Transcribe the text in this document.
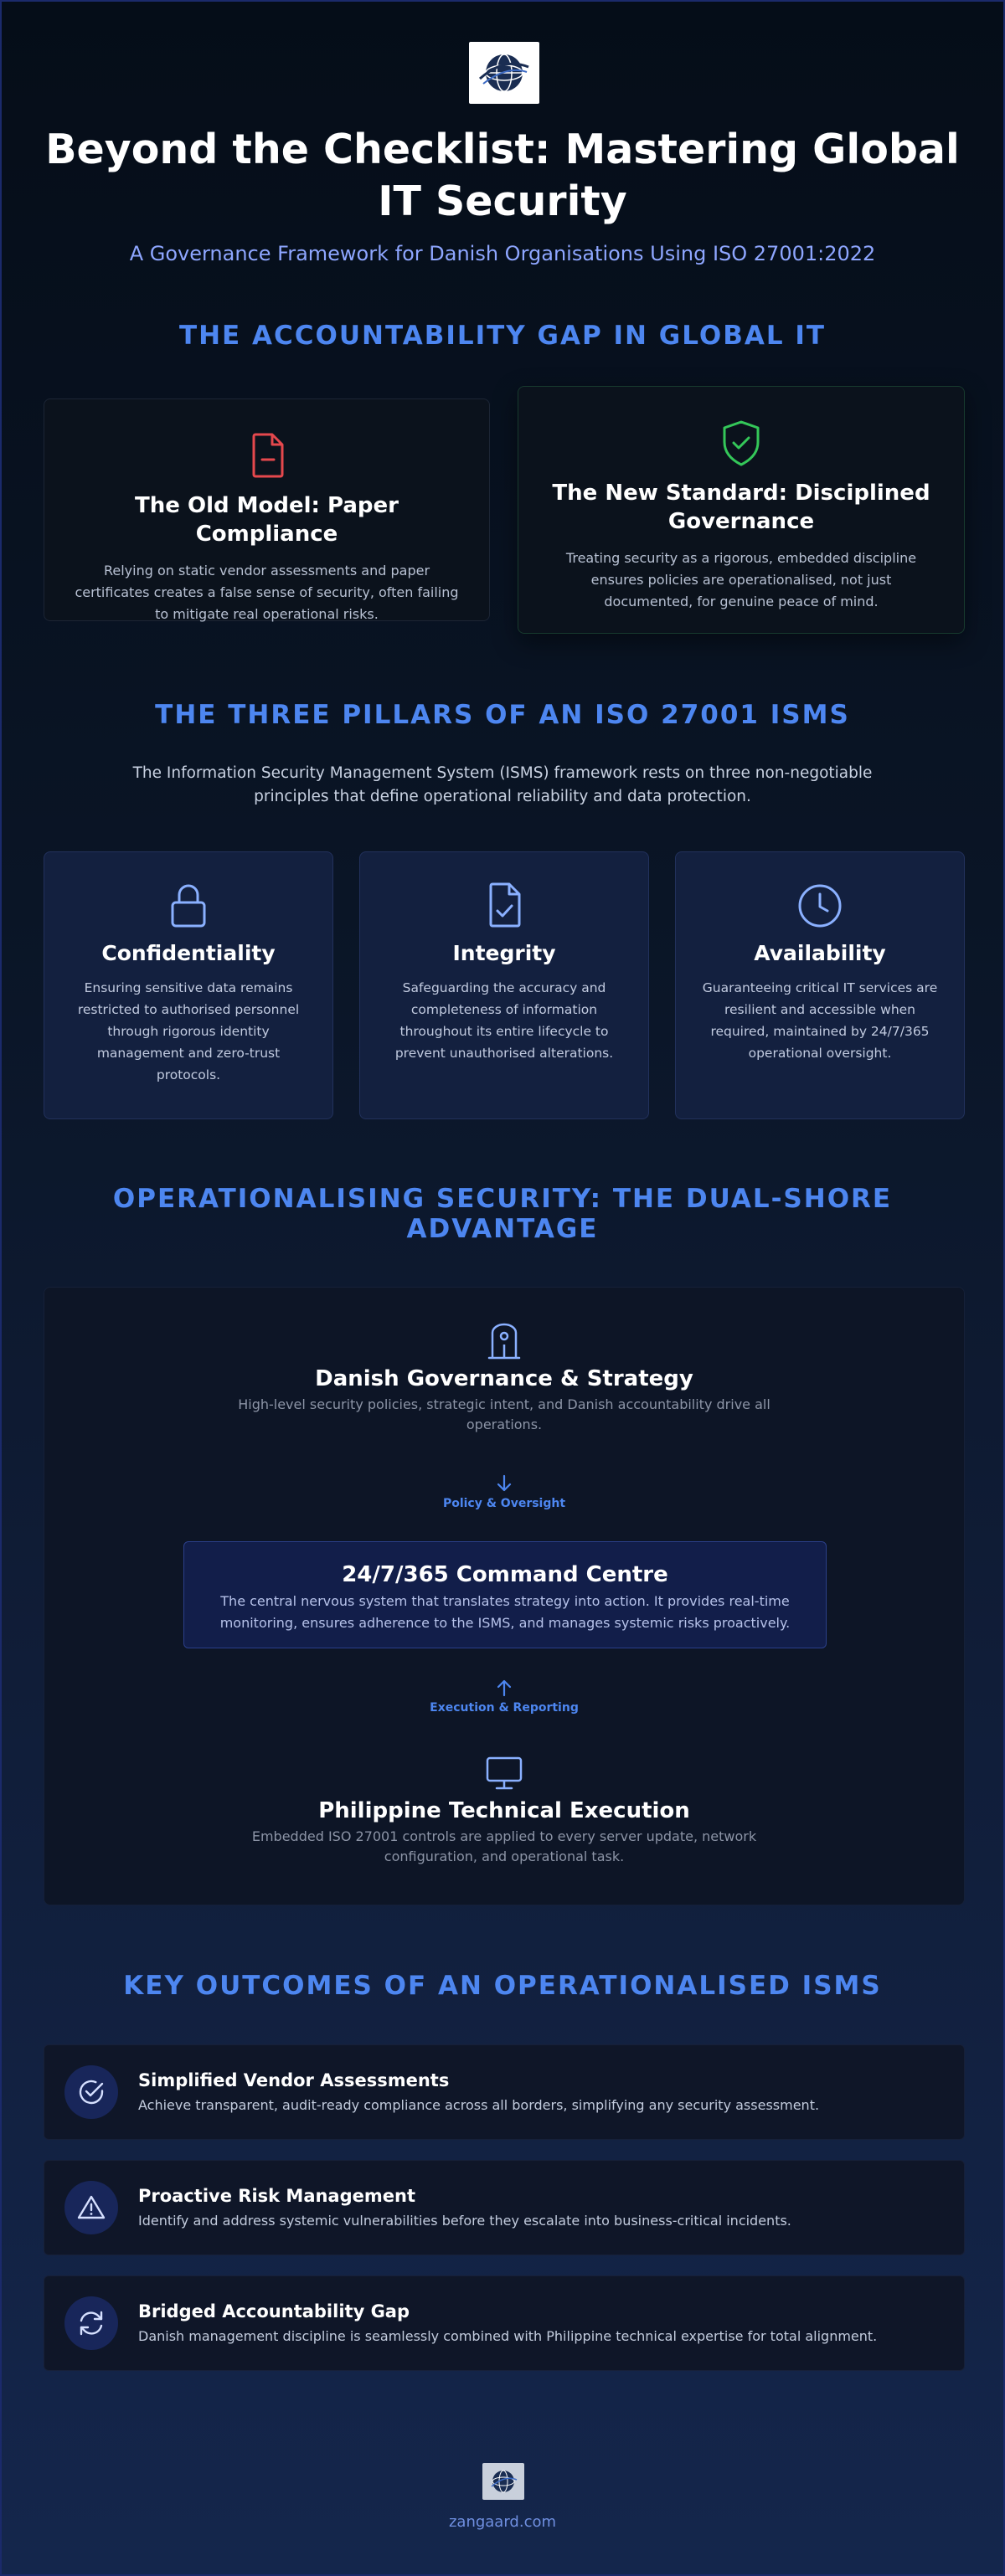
Beyond the Checklist: Mastering Global IT Security
A Governance Framework for Danish Organisations Using ISO 27001:2022
THE ACCOUNTABILITY GAP IN GLOBAL IT
The Old Model: Paper Compliance

Relying on static vendor assessments and paper certificates creates a false sense of security, often failing to mitigate real operational risks.

The New Standard: Disciplined Governance

Treating security as a rigorous, embedded discipline ensures policies are operationalised, not just documented, for genuine peace of mind.

THE THREE PILLARS OF AN ISO 27001 ISMS
The Information Security Management System (ISMS) framework rests on three non-negotiable principles that define operational reliability and data protection.
Confidentiality

Ensuring sensitive data remains restricted to authorised personnel through rigorous identity management and zero-trust protocols.

Integrity

Safeguarding the accuracy and completeness of information throughout its entire lifecycle to prevent unauthorised alterations.

Availability

Guaranteeing critical IT services are resilient and accessible when required, maintained by 24/7/365 operational oversight.

OPERATIONALISING SECURITY: THE DUAL-SHORE ADVANTAGE
Danish Governance & Strategy
High-level security policies, strategic intent, and Danish accountability drive all operations.
Policy & Oversight
24/7/365 Command Centre

The central nervous system that translates strategy into action. It provides real-time monitoring, ensures adherence to the ISMS, and manages systemic risks proactively.

Execution & Reporting
Philippine Technical Execution
Embedded ISO 27001 controls are applied to every server update, network configuration, and operational task.
KEY OUTCOMES OF AN OPERATIONALISED ISMS
Simplified Vendor Assessments

Achieve transparent, audit-ready compliance across all borders, simplifying any security assessment.

Proactive Risk Management

Identify and address systemic vulnerabilities before they escalate into business-critical incidents.

Bridged Accountability Gap

Danish management discipline is seamlessly combined with Philippine technical expertise for total alignment.

zangaard.com
